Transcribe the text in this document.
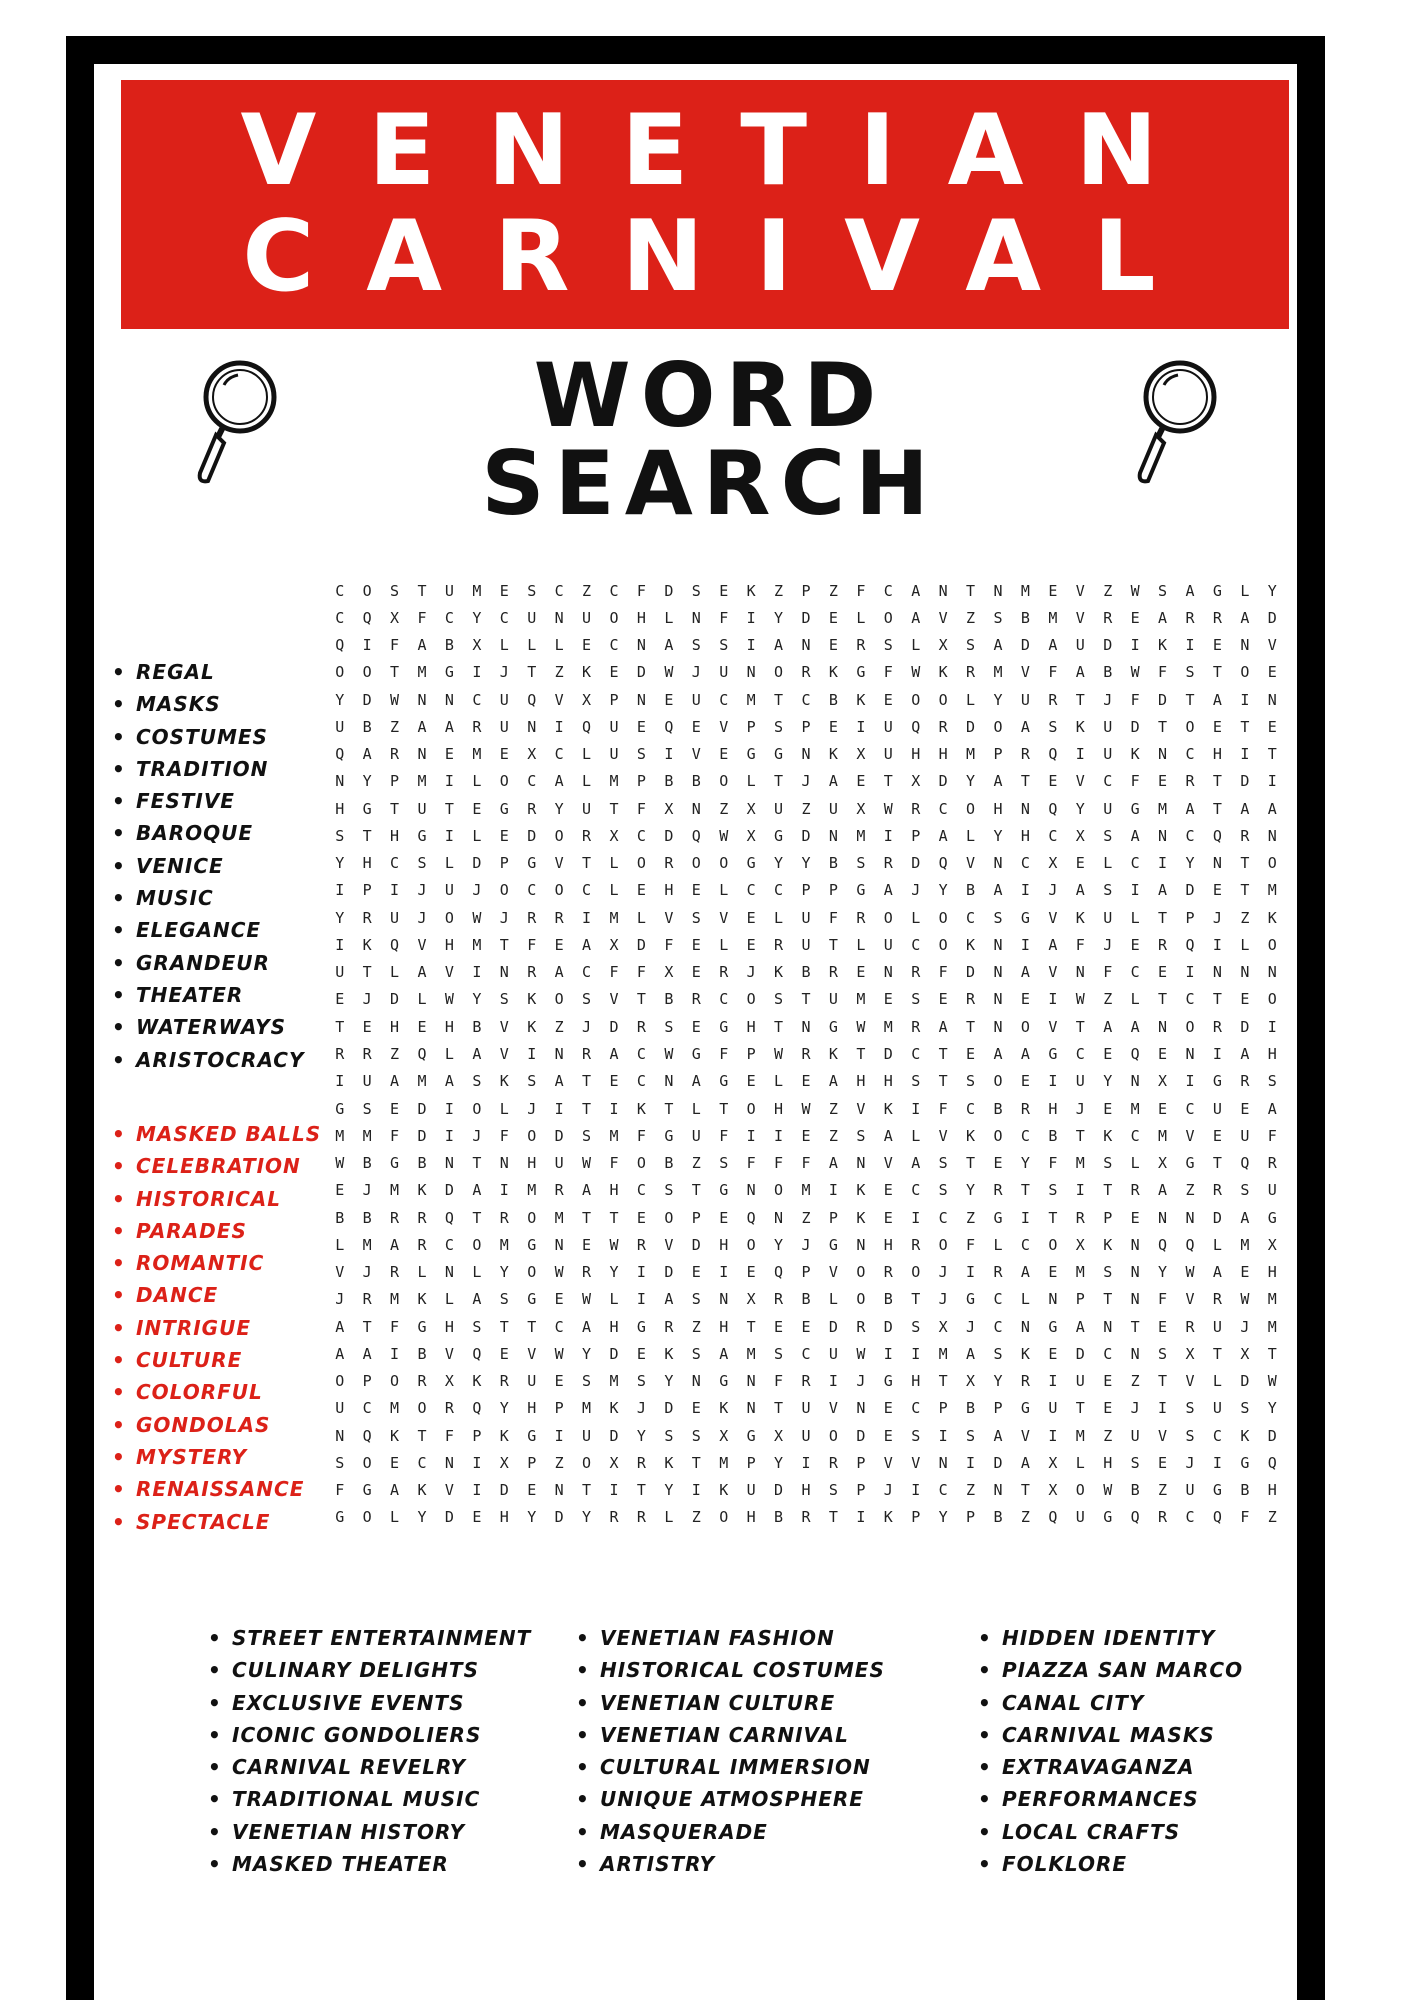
VENETIAN
CARNIVAL
WORD SEARCH
• REGAL
• MASKS
• COSTUMES
• TRADITION
• FESTIVE
• BAROQUE
• VENICE
• MUSIC
• ELEGANCE
• GRANDEUR
• THEATER
• WATERWAYS
• ARISTOCRACY
• MASKED BALLS
• CELEBRATION
• HISTORICAL
• PARADES
• ROMANTIC
• DANCE
• INTRIGUE
• CULTURE
• COLORFUL
• GONDOLAS
• MYSTERY
• RENAISSANCE
• SPECTACLE
C	O	S	T	U	M	E	S	C	Z	C	F	D	S	E	K	Z	P	Z	F	C	A	N	T	N	M	E	V	Z	W	S	A	G	L	Y
C	Q	X	F	C	Y	C	U	N	U	O	H	L	N	F	I	Y	D	E	L	O	A	V	Z	S	B	M	V	R	E	A	R	R	A	D
Q	I	F	A	B	X	L	L	L	E	C	N	A	S	S	I	A	N	E	R	S	L	X	S	A	D	A	U	D	I	K	I	E	N	V
O	O	T	M	G	I	J	T	Z	K	E	D	W	J	U	N	O	R	K	G	F	W	K	R	M	V	F	A	B	W	F	S	T	O	E
Y	D	W	N	N	C	U	Q	V	X	P	N	E	U	C	M	T	C	B	K	E	O	O	L	Y	U	R	T	J	F	D	T	A	I	N
U	B	Z	A	A	R	U	N	I	Q	U	E	Q	E	V	P	S	P	E	I	U	Q	R	D	O	A	S	K	U	D	T	O	E	T	E
Q	A	R	N	E	M	E	X	C	L	U	S	I	V	E	G	G	N	K	X	U	H	H	M	P	R	Q	I	U	K	N	C	H	I	T
N	Y	P	M	I	L	O	C	A	L	M	P	B	B	O	L	T	J	A	E	T	X	D	Y	A	T	E	V	C	F	E	R	T	D	I
H	G	T	U	T	E	G	R	Y	U	T	F	X	N	Z	X	U	Z	U	X	W	R	C	O	H	N	Q	Y	U	G	M	A	T	A	A
S	T	H	G	I	L	E	D	O	R	X	C	D	Q	W	X	G	D	N	M	I	P	A	L	Y	H	C	X	S	A	N	C	Q	R	N
Y	H	C	S	L	D	P	G	V	T	L	O	R	O	O	G	Y	Y	B	S	R	D	Q	V	N	C	X	E	L	C	I	Y	N	T	O
I	P	I	J	U	J	O	C	O	C	L	E	H	E	L	C	C	P	P	G	A	J	Y	B	A	I	J	A	S	I	A	D	E	T	M
Y	R	U	J	O	W	J	R	R	I	M	L	V	S	V	E	L	U	F	R	O	L	O	C	S	G	V	K	U	L	T	P	J	Z	K
I	K	Q	V	H	M	T	F	E	A	X	D	F	E	L	E	R	U	T	L	U	C	O	K	N	I	A	F	J	E	R	Q	I	L	O
U	T	L	A	V	I	N	R	A	C	F	F	X	E	R	J	K	B	R	E	N	R	F	D	N	A	V	N	F	C	E	I	N	N	N
E	J	D	L	W	Y	S	K	O	S	V	T	B	R	C	O	S	T	U	M	E	S	E	R	N	E	I	W	Z	L	T	C	T	E	O
T	E	H	E	H	B	V	K	Z	J	D	R	S	E	G	H	T	N	G	W	M	R	A	T	N	O	V	T	A	A	N	O	R	D	I
R	R	Z	Q	L	A	V	I	N	R	A	C	W	G	F	P	W	R	K	T	D	C	T	E	A	A	G	C	E	Q	E	N	I	A	H
I	U	A	M	A	S	K	S	A	T	E	C	N	A	G	E	L	E	A	H	H	S	T	S	O	E	I	U	Y	N	X	I	G	R	S
G	S	E	D	I	O	L	J	I	T	I	K	T	L	T	O	H	W	Z	V	K	I	F	C	B	R	H	J	E	M	E	C	U	E	A
M	M	F	D	I	J	F	O	D	S	M	F	G	U	F	I	I	E	Z	S	A	L	V	K	O	C	B	T	K	C	M	V	E	U	F
W	B	G	B	N	T	N	H	U	W	F	O	B	Z	S	F	F	F	A	N	V	A	S	T	E	Y	F	M	S	L	X	G	T	Q	R
E	J	M	K	D	A	I	M	R	A	H	C	S	T	G	N	O	M	I	K	E	C	S	Y	R	T	S	I	T	R	A	Z	R	S	U
B	B	R	R	Q	T	R	O	M	T	T	E	O	P	E	Q	N	Z	P	K	E	I	C	Z	G	I	T	R	P	E	N	N	D	A	G
L	M	A	R	C	O	M	G	N	E	W	R	V	D	H	O	Y	J	G	N	H	R	O	F	L	C	O	X	K	N	Q	Q	L	M	X
V	J	R	L	N	L	Y	O	W	R	Y	I	D	E	I	E	Q	P	V	O	R	O	J	I	R	A	E	M	S	N	Y	W	A	E	H
J	R	M	K	L	A	S	G	E	W	L	I	A	S	N	X	R	B	L	O	B	T	J	G	C	L	N	P	T	N	F	V	R	W	M
A	T	F	G	H	S	T	T	C	A	H	G	R	Z	H	T	E	E	D	R	D	S	X	J	C	N	G	A	N	T	E	R	U	J	M
A	A	I	B	V	Q	E	V	W	Y	D	E	K	S	A	M	S	C	U	W	I	I	M	A	S	K	E	D	C	N	S	X	T	X	T
O	P	O	R	X	K	R	U	E	S	M	S	Y	N	G	N	F	R	I	J	G	H	T	X	Y	R	I	U	E	Z	T	V	L	D	W
U	C	M	O	R	Q	Y	H	P	M	K	J	D	E	K	N	T	U	V	N	E	C	P	B	P	G	U	T	E	J	I	S	U	S	Y
N	Q	K	T	F	P	K	G	I	U	D	Y	S	S	X	G	X	U	O	D	E	S	I	S	A	V	I	M	Z	U	V	S	C	K	D
S	O	E	C	N	I	X	P	Z	O	X	R	K	T	M	P	Y	I	R	P	V	V	N	I	D	A	X	L	H	S	E	J	I	G	Q
F	G	A	K	V	I	D	E	N	T	I	T	Y	I	K	U	D	H	S	P	J	I	C	Z	N	T	X	O	W	B	Z	U	G	B	H
G	O	L	Y	D	E	H	Y	D	Y	R	R	L	Z	O	H	B	R	T	I	K	P	Y	P	B	Z	Q	U	G	Q	R	C	Q	F	Z
• STREET ENTERTAINMENT
• CULINARY DELIGHTS
• EXCLUSIVE EVENTS
• ICONIC GONDOLIERS
• CARNIVAL REVELRY
• TRADITIONAL MUSIC
• VENETIAN HISTORY
• MASKED THEATER
• VENETIAN FASHION
• HISTORICAL COSTUMES
• VENETIAN CULTURE
• VENETIAN CARNIVAL
• CULTURAL IMMERSION
• UNIQUE ATMOSPHERE
• MASQUERADE
• ARTISTRY
• HIDDEN IDENTITY
• PIAZZA SAN MARCO
• CANAL CITY
• CARNIVAL MASKS
• EXTRAVAGANZA
• PERFORMANCES
• LOCAL CRAFTS
• FOLKLORE
